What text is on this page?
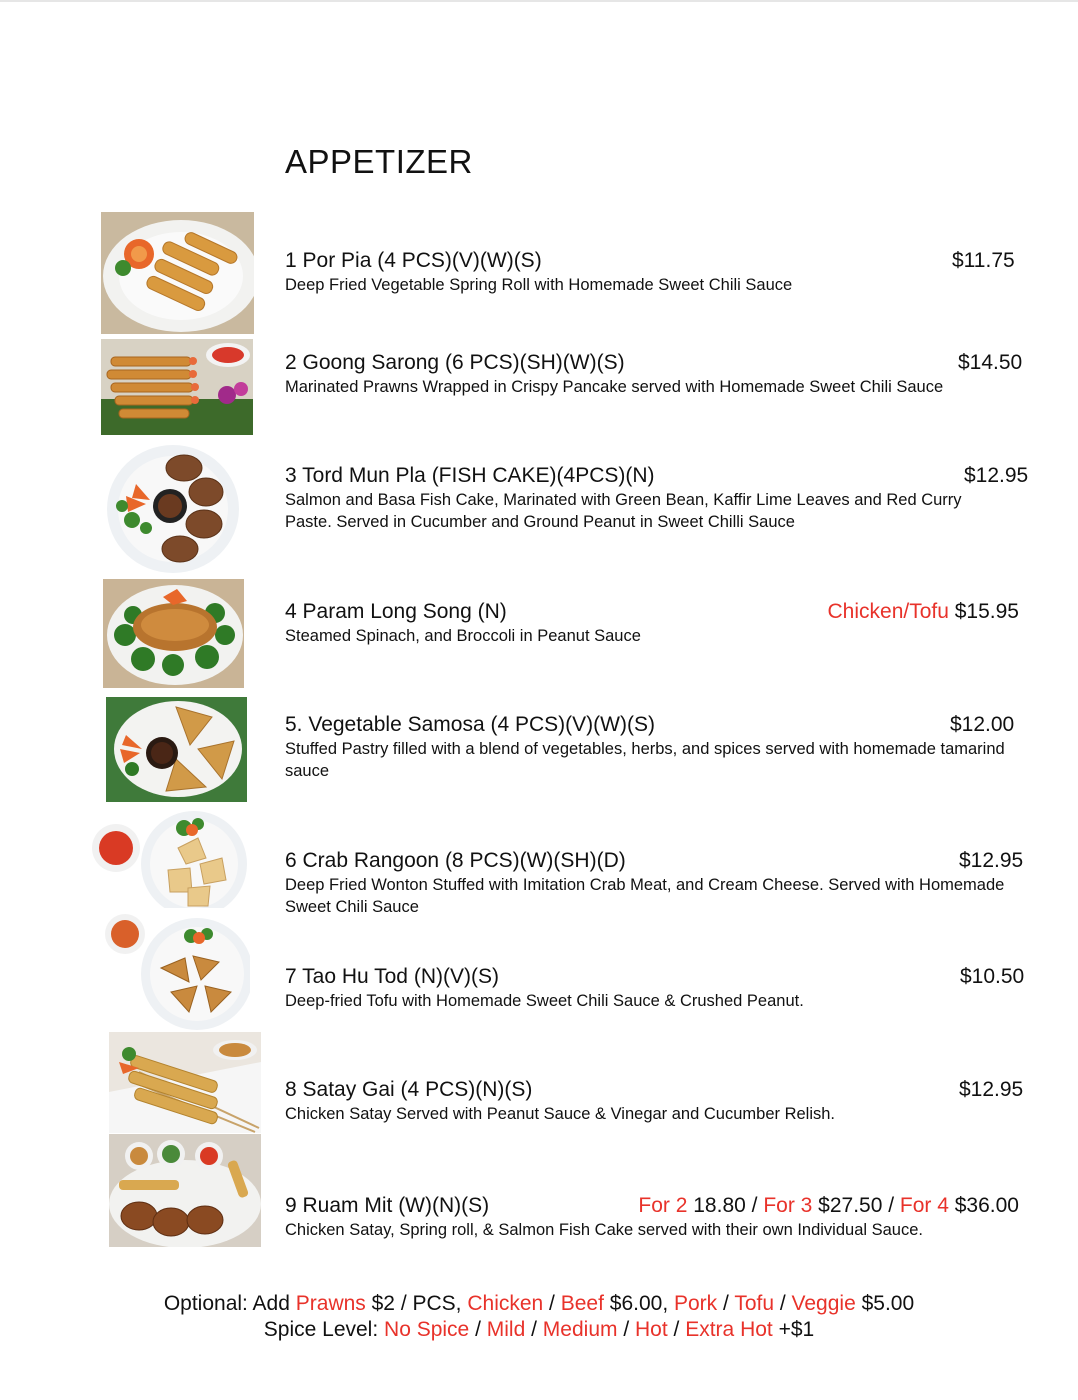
APPETIZER
1 Por Pia (4 PCS)(V)(W)(S)	$11.75
Deep Fried Vegetable Spring Roll with Homemade Sweet Chili Sauce
2 Goong Sarong (6 PCS)(SH)(W)(S)	$14.50
Marinated Prawns Wrapped in Crispy Pancake served with Homemade Sweet Chili Sauce
3 Tord Mun Pla (FISH CAKE)(4PCS)(N)	$12.95
Salmon and Basa Fish Cake, Marinated with Green Bean, Kaffir Lime Leaves and Red Curry Paste. Served in Cucumber and Ground Peanut in Sweet Chilli Sauce
4 Param Long Song (N)	Chicken/Tofu $15.95
Steamed Spinach, and Broccoli in Peanut Sauce
5. Vegetable Samosa (4 PCS)(V)(W)(S)	$12.00
Stuffed Pastry filled with a blend of vegetables, herbs, and spices served with homemade tamarind sauce
6 Crab Rangoon (8 PCS)(W)(SH)(D)	$12.95
Deep Fried Wonton Stuffed with Imitation Crab Meat, and Cream Cheese. Served with Homemade Sweet Chili Sauce
7 Tao Hu Tod (N)(V)(S)	$10.50
Deep-fried Tofu with Homemade Sweet Chili Sauce & Crushed Peanut.
8 Satay Gai (4 PCS)(N)(S)	$12.95
Chicken Satay Served with Peanut Sauce & Vinegar and Cucumber Relish.
9 Ruam Mit (W)(N)(S)	For 2 18.80 / For 3 $27.50 / For 4 $36.00
Chicken Satay, Spring roll, & Salmon Fish Cake served with their own Individual Sauce.
Optional: Add Prawns $2 / PCS, Chicken / Beef $6.00, Pork / Tofu / Veggie $5.00
Spice Level: No Spice / Mild / Medium / Hot / Extra Hot +$1
